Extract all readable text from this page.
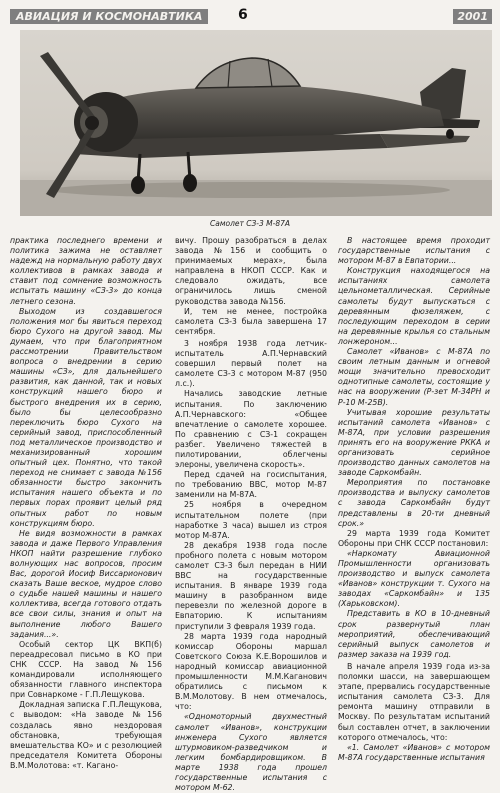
АВИАЦИЯ И КОСМОНАВТИКА	6	2001
Самолет СЗ-3 М-87А

практика последнего времени и политика зажима не оставляет надежд на нормальную работу двух коллективов в рамках завода и ставит под сомнение возможность испытать машину «СЗ-3» до конца летнего сезона.

Выходом из создавшегося положения мог бы явиться переход бюро Сухого на другой завод. Мы думаем, что при благоприятном рассмотрении Правительством вопроса о внедрении в серию машины «СЗ», для дальнейшего развития, как данной, так и новых конструкций нашего бюро и быстрого внедрения их в серию, было бы целесообразно переключить бюро Сухого на серийный завод, приспособленный под металлическое производство и механизированный хорошим опытный цех. Понятно, что такой переход не снимает с завода №156 обязанности быстро закончить испытания нашего объекта и по первых порах проявит целый ряд опытных работ по новым конструкциям бюро.

Не видя возможности в рамках завода и даже Первого Управления НКОП найти разрешение глубоко волнующих нас вопросов, просим Вас, дорогой Иосиф Виссарионович сказать Ваше веское, мудрое слово о судьбе нашей машины и нашего коллектива, всегда готового отдать все свои силы, знания и опыт на выполнение любого Вашего задания...».

Особый сектор ЦК ВКП(б) переадресовал письмо в КО при СНК СССР. На завод №156 командировали исполняющего обязанности главного инспектора при Совнаркоме - Г.П.Лещукова.

Докладная записка Г.П.Лещукова, с выводом: «На заводе №156 создалась явно нездоровая обстановка, требующая вмешательства КО» и с резолюцией председателя Комитета Обороны В.М.Молотова: «т. Кагано-

вичу. Прошу разобраться в делах завода №156 и сообщить о принимаемых мерах», была направлена в НКОП СССР. Как и следовало ожидать, все ограничилось лишь сменой руководства завода №156.

И, тем не менее, постройка самолета СЗ-3 была завершена 17 сентября.

3 ноября 1938 года летчик-испытатель А.П.Чернавский совершил первый полет на самолете СЗ-3 с мотором М-87 (950 л.с.).

Начались заводские летные испытания. По заключению А.П.Чернавского: «Общее впечатление о самолете хорошее. По сравнению с СЗ-1 сокращен разбег. Увеличено тяжестей в пилотировании, облегчены элероны, увеличена скорость».

Перед сдачей на госиспытания, по требованию ВВС, мотор М-87 заменили на М-87А.

25 ноября в очередном испытательном полете (при наработке 3 часа) вышел из строя мотор М-87А.

28 декабря 1938 года после пробного полета с новым мотором самолет СЗ-3 был передан в НИИ ВВС на государственные испытания. В январе 1939 года машину в разобранном виде перевезли по железной дороге в Евпаторию. К испытаниям приступили 3 февраля 1939 года.

28 марта 1939 года народный комиссар Обороны маршал Советского Союза К.Е.Ворошилов и народный комиссар авиационной промышленности М.М.Каганович обратились с письмом к В.М.Молотову. В нем отмечалось, что:

«Одномоторный двухместный самолет «Иванов», конструкции инженера Сухого является штурмовиком-разведчиком и легким бомбардировщиком. В марте 1938 года прошел государственные испытания с мотором М-62.

В настоящее время проходит государственные испытания с мотором М-87 в Евпатории...

Конструкция находящегося на испытаниях самолета цельнометаллическая. Серийные самолеты будут выпускаться с деревянным фюзеляжем, с последующим переходом в серии на деревянные крылья со стальным лонжероном...

Самолет «Иванов» с М-87А по своим летным данным и огневой мощи значительно превосходит однотипные самолеты, состоящие у нас на вооружении (Р-зет М-34РН и Р-10 М-25В).

Учитывая хорошие результаты испытаний самолета «Иванов» с М-87А, при условии разрешения принять его на вооружение РККА и организовать серийное производство данных самолетов на заводе Саркомбайн.

Мероприятия по постановке производства и выпуску самолетов с завода Саркомбайн будут представлены в 20-ти дневный срок.»

29 марта 1939 года Комитет Обороны при СНК СССР постановил:

«Наркомату Авиационной Промышленности организовать производство и выпуск самолета «Иванов» конструкции т. Сухого на заводах «Саркомбайн» и 135 (Харьковском).

Представить в КО в 10-дневный срок развернутый план мероприятий, обеспечивающий серийный выпуск самолетов и размер заказа на 1939 год.

В начале апреля 1939 года из-за поломки шасси, на завершающем этапе, прервались государственные испытания самолета СЗ-3. Для ремонта машину отправили в Москву. По результатам испытаний был составлен отчет, в заключении которого отмечалось, что:

«1. Самолет «Иванов» с мотором М-87А государственные испытания
